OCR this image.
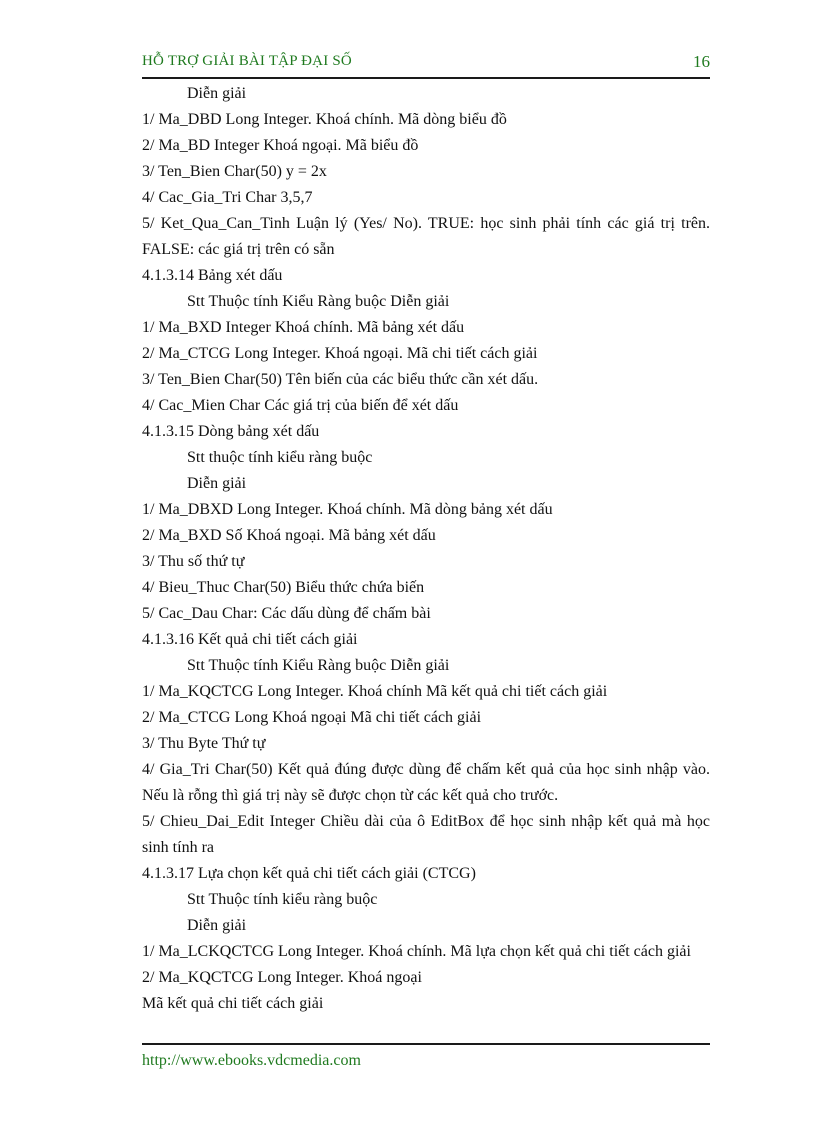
HỖ TRỢ GIẢI BÀI TẬP ĐẠI SỐ	16
Diễn giải
1/ Ma_DBD Long Integer. Khoá chính. Mã dòng biểu đồ
2/ Ma_BD Integer Khoá ngoại. Mã biểu đồ
3/ Ten_Bien Char(50) y = 2x
4/ Cac_Gia_Tri Char 3,5,7
5/ Ket_Qua_Can_Tinh Luận lý (Yes/ No). TRUE: học sinh phải tính các giá trị trên. FALSE: các giá trị trên có sẵn
4.1.3.14 Bảng xét dấu
Stt Thuộc tính Kiểu Ràng buộc Diễn giải
1/ Ma_BXD Integer Khoá chính. Mã bảng xét dấu
2/ Ma_CTCG Long Integer. Khoá ngoại. Mã chi tiết cách giải
3/ Ten_Bien Char(50) Tên biến của các biểu thức cần xét dấu.
4/ Cac_Mien Char Các giá trị của biến để xét dấu
4.1.3.15 Dòng bảng xét dấu
Stt thuộc tính kiểu ràng buộc
Diễn giải
1/ Ma_DBXD Long Integer. Khoá chính. Mã dòng bảng xét dấu
2/ Ma_BXD Số Khoá ngoại. Mã bảng xét dấu
3/ Thu số thứ tự
4/ Bieu_Thuc Char(50) Biểu thức chứa biến
5/ Cac_Dau Char: Các dấu dùng để chấm bài
4.1.3.16 Kết quả chi tiết cách giải
Stt Thuộc tính Kiểu Ràng buộc Diễn giải
1/ Ma_KQCTCG Long Integer. Khoá chính Mã kết quả chi tiết cách giải
2/ Ma_CTCG Long Khoá ngoại Mã chi tiết cách giải
3/ Thu Byte Thứ tự
4/ Gia_Tri Char(50) Kết quả đúng được dùng để chấm kết quả của học sinh nhập vào. Nếu là rỗng thì giá trị này sẽ được chọn từ các kết quả cho trước.
5/ Chieu_Dai_Edit Integer Chiều dài của ô EditBox để học sinh nhập kết quả mà học sinh tính ra
4.1.3.17 Lựa chọn kết quả chi tiết cách giải (CTCG)
Stt Thuộc tính kiểu ràng buộc
Diễn giải
1/ Ma_LCKQCTCG Long Integer. Khoá chính. Mã lựa chọn kết quả chi tiết cách giải
2/ Ma_KQCTCG Long Integer. Khoá ngoại
Mã kết quả chi tiết cách giải
http://www.ebooks.vdcmedia.com
